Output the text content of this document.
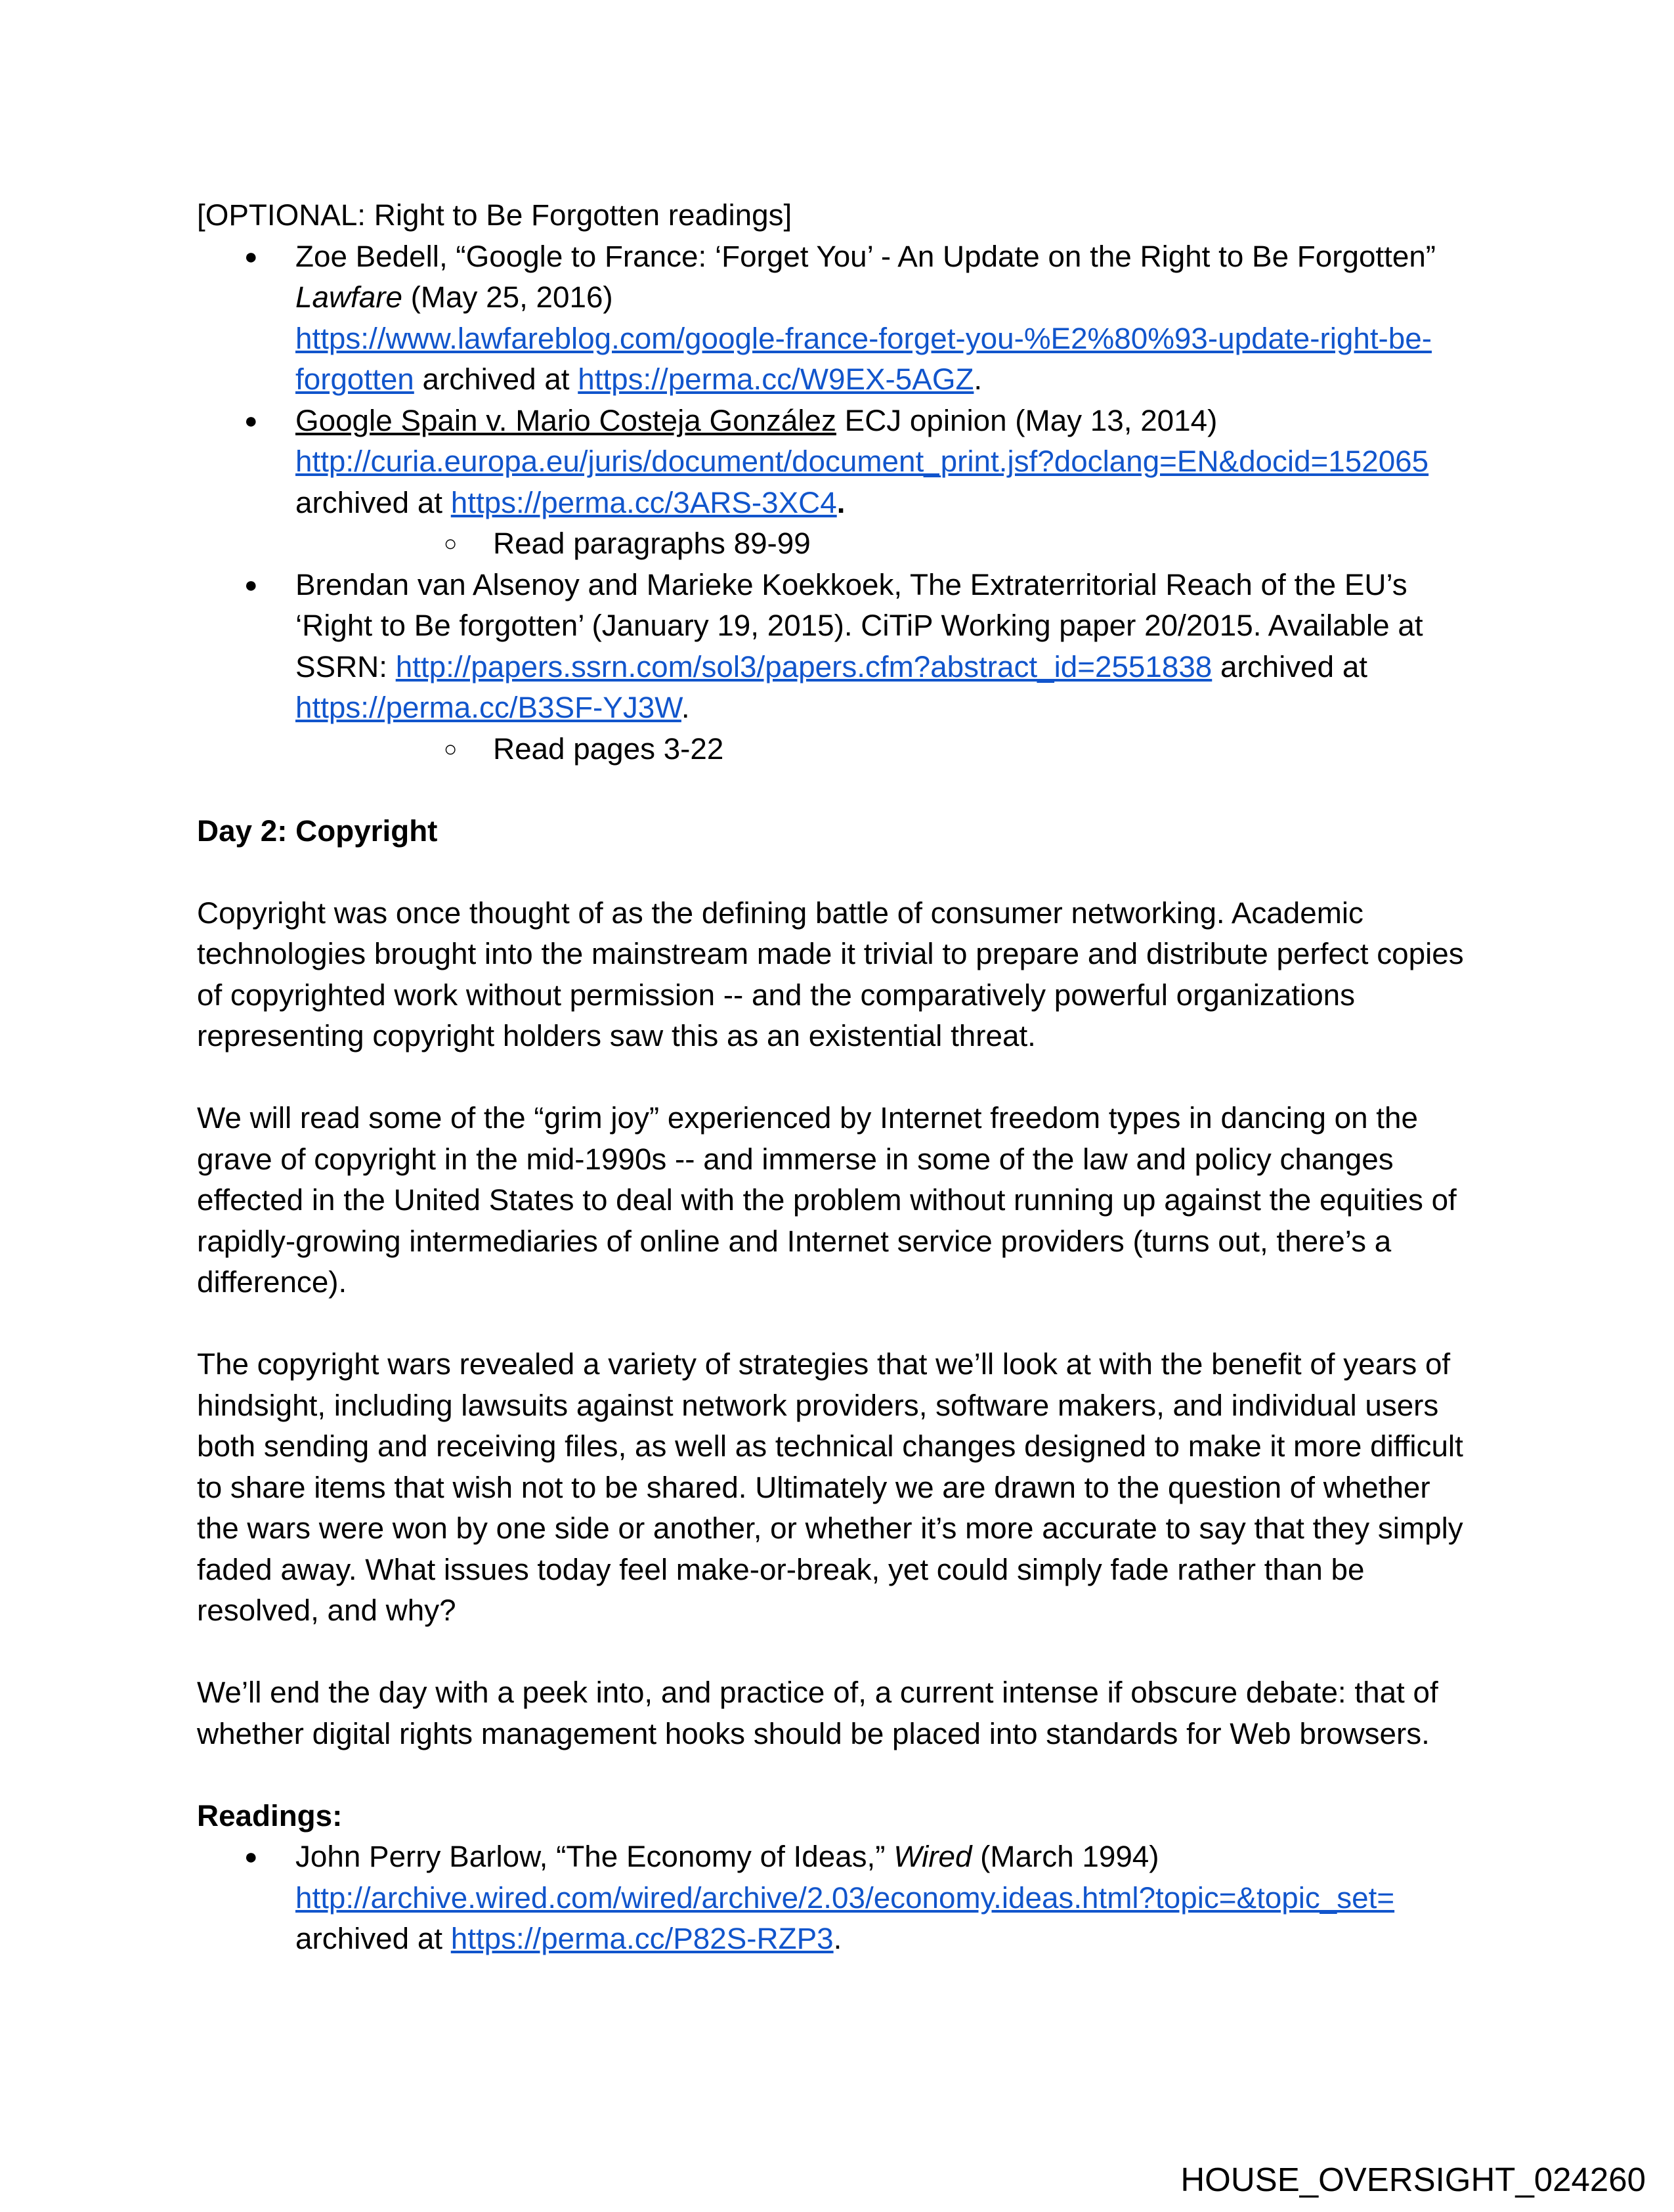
[OPTIONAL: Right to Be Forgotten readings]

● Zoe Bedell, “Google to France: ‘Forget You’ - An Update on the Right to Be Forgotten”
Lawfare (May 25, 2016)
https://www.lawfareblog.com/google-france-forget-you-%E2%80%93-update-right-be-forgotten archived at https://perma.cc/W9EX-5AGZ.
● Google Spain v. Mario Costeja González ECJ opinion (May 13, 2014)
http://curia.europa.eu/juris/document/document_print.jsf?doclang=EN&docid=152065
archived at https://perma.cc/3ARS-3XC4.
○ Read paragraphs 89-99
● Brendan van Alsenoy and Marieke Koekkoek, The Extraterritorial Reach of the EU’s ‘Right to Be forgotten’ (January 19, 2015). CiTiP Working paper 20/2015. Available at SSRN: http://papers.ssrn.com/sol3/papers.cfm?abstract_id=2551838 archived at https://perma.cc/B3SF-YJ3W.
○ Read pages 3-22

Day 2: Copyright

Copyright was once thought of as the defining battle of consumer networking. Academic technologies brought into the mainstream made it trivial to prepare and distribute perfect copies of copyrighted work without permission -- and the comparatively powerful organizations representing copyright holders saw this as an existential threat.

We will read some of the “grim joy” experienced by Internet freedom types in dancing on the grave of copyright in the mid-1990s -- and immerse in some of the law and policy changes effected in the United States to deal with the problem without running up against the equities of rapidly-growing intermediaries of online and Internet service providers (turns out, there’s a difference).

The copyright wars revealed a variety of strategies that we’ll look at with the benefit of years of hindsight, including lawsuits against network providers, software makers, and individual users both sending and receiving files, as well as technical changes designed to make it more difficult to share items that wish not to be shared. Ultimately we are drawn to the question of whether the wars were won by one side or another, or whether it’s more accurate to say that they simply faded away. What issues today feel make-or-break, yet could simply fade rather than be resolved, and why?

We’ll end the day with a peek into, and practice of, a current intense if obscure debate: that of whether digital rights management hooks should be placed into standards for Web browsers.

Readings:

● John Perry Barlow, “The Economy of Ideas,” Wired (March 1994)
http://archive.wired.com/wired/archive/2.03/economy.ideas.html?topic=&topic_set=
archived at https://perma.cc/P82S-RZP3.
HOUSE_OVERSIGHT_024260
